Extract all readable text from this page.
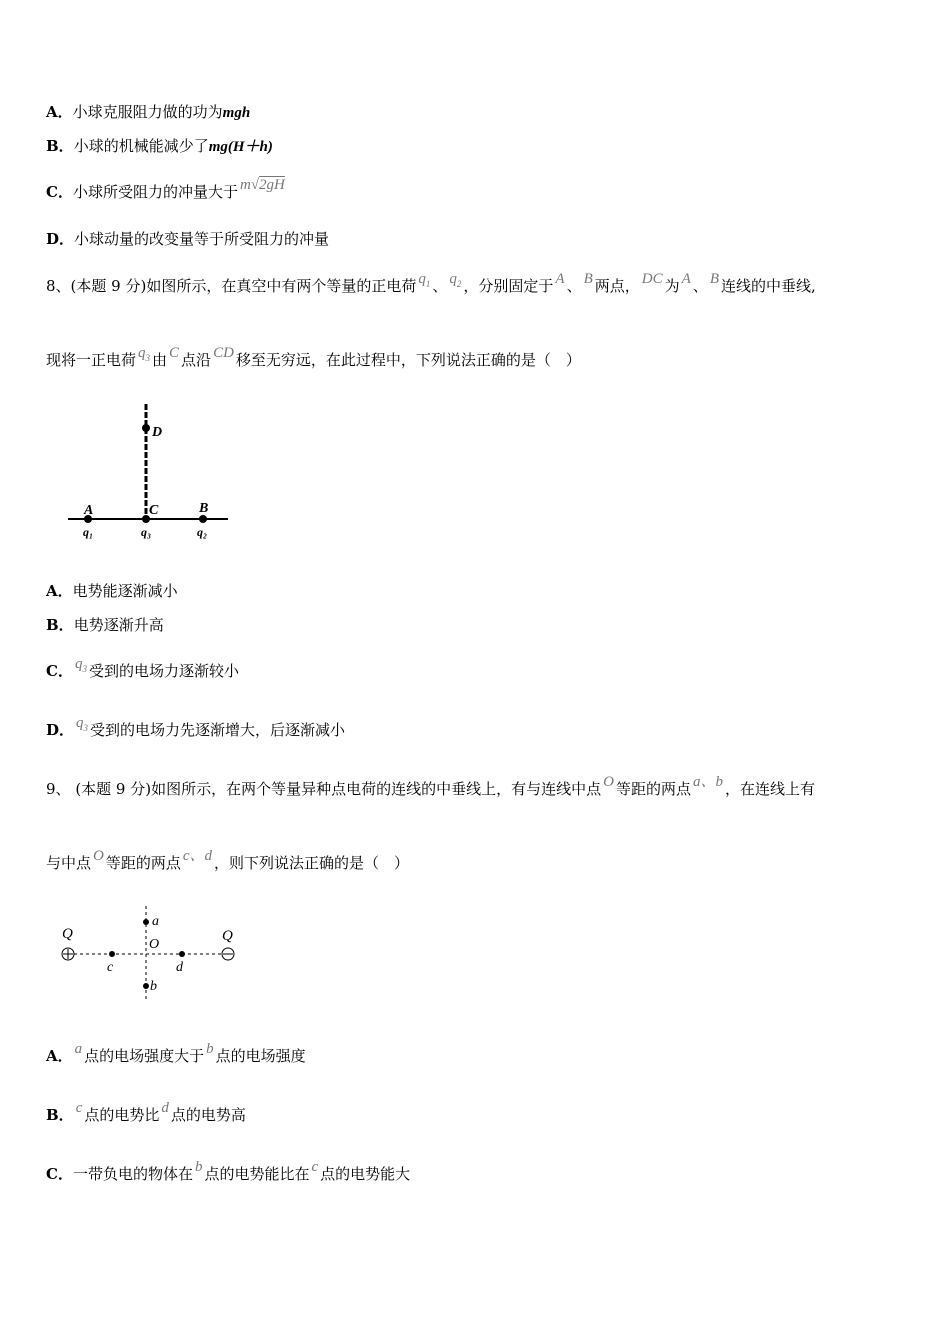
A．小球克服阻力做的功为mgh
B．小球的机械能减少了mg(H＋h)
C．小球所受阻力的冲量大于 m√2gH
D．小球动量的改变量等于所受阻力的冲量
8、(本题 9 分)如图所示，在真空中有两个等量的正电荷 $q_1$ 、 $q_2$ ，分别固定于 A 、 B 两点， DC 为 A 、 B 连线的中垂线,
现将一正电荷 $q_3$ 由 C 点沿 CD 移至无穷远，在此过程中，下列说法正确的是（　）
D
C
A	B
q₁	q₃	q₂
A．电势能逐渐减小
B．电势逐渐升高
C． $q_3$ 受到的电场力逐渐较小
D． $q_3$ 受到的电场力先逐渐增大，后逐渐减小
9、 (本题 9 分)如图所示，在两个等量异种点电荷的连线的中垂线上，有与连线中点 O 等距的两点 a、b ，在连线上有
与中点 O 等距的两点 c、d ，则下列说法正确的是（　）
Q	Q
a
O
b
c	d
A． a 点的电场强度大于 b 点的电场强度
B． c 点的电势比 d 点的电势高
C．一带负电的物体在 b 点的电势能比在 c 点的电势能大
